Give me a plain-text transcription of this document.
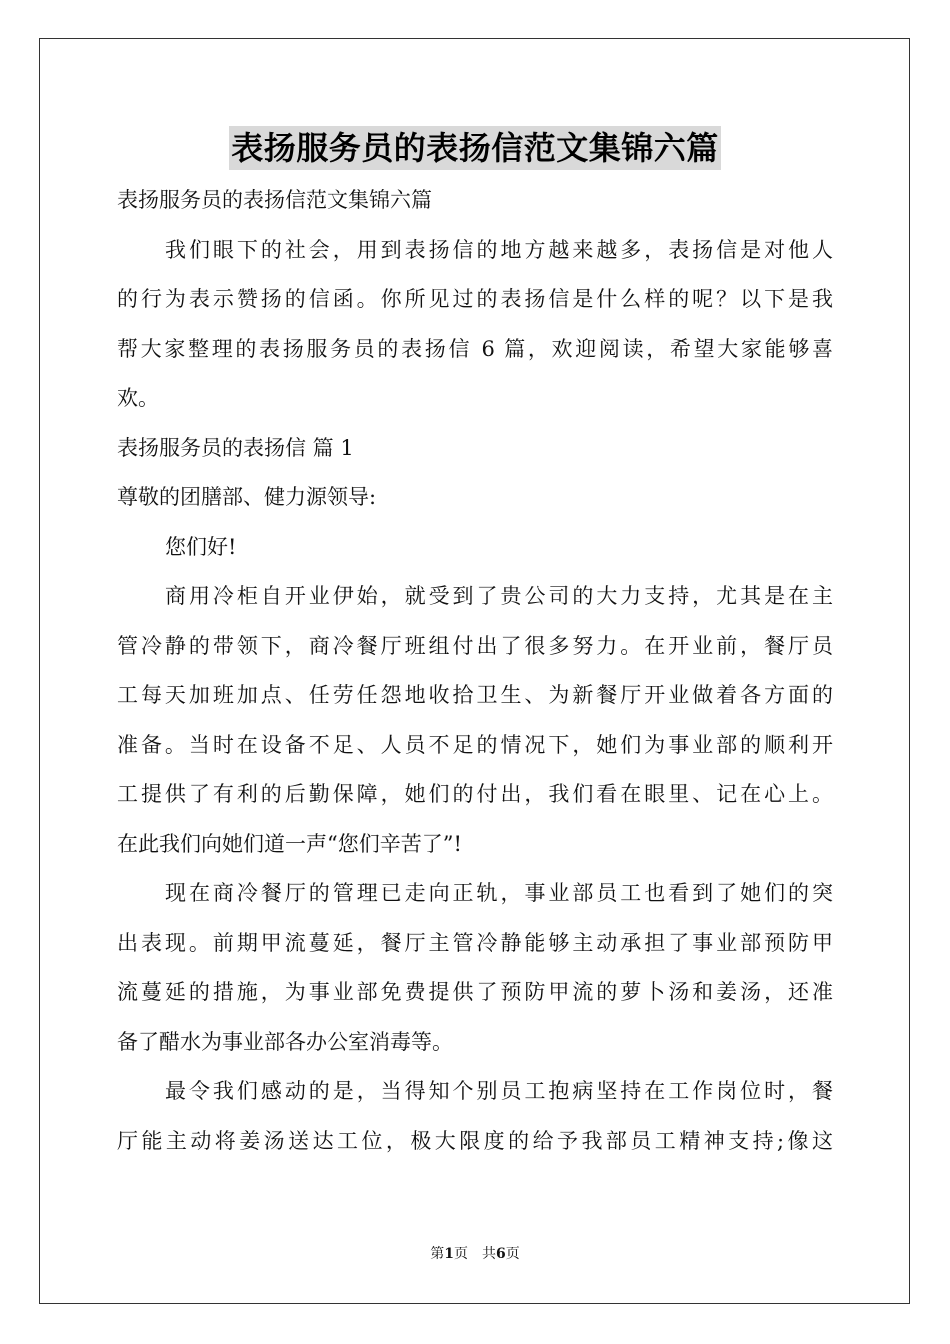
表扬服务员的表扬信范文集锦六篇
表扬服务员的表扬信范文集锦六篇
我们眼下的社会，用到表扬信的地方越来越多，表扬信是对他人
的行为表示赞扬的信函。你所见过的表扬信是什么样的呢？以下是我
帮大家整理的表扬服务员的表扬信 6 篇，欢迎阅读，希望大家能够喜
欢。
表扬服务员的表扬信 篇 1
尊敬的团膳部、健力源领导:
您们好!
商用冷柜自开业伊始，就受到了贵公司的大力支持，尤其是在主
管冷静的带领下，商冷餐厅班组付出了很多努力。在开业前，餐厅员
工每天加班加点、任劳任怨地收拾卫生、为新餐厅开业做着各方面的
准备。当时在设备不足、人员不足的情况下，她们为事业部的顺利开
工提供了有利的后勤保障，她们的付出，我们看在眼里、记在心上。
在此我们向她们道一声“您们辛苦了”!
现在商冷餐厅的管理已走向正轨，事业部员工也看到了她们的突
出表现。前期甲流蔓延，餐厅主管冷静能够主动承担了事业部预防甲
流蔓延的措施，为事业部免费提供了预防甲流的萝卜汤和姜汤，还准
备了醋水为事业部各办公室消毒等。
最令我们感动的是，当得知个别员工抱病坚持在工作岗位时，餐
厅能主动将姜汤送达工位，极大限度的给予我部员工精神支持;像这
第1页 共6页
